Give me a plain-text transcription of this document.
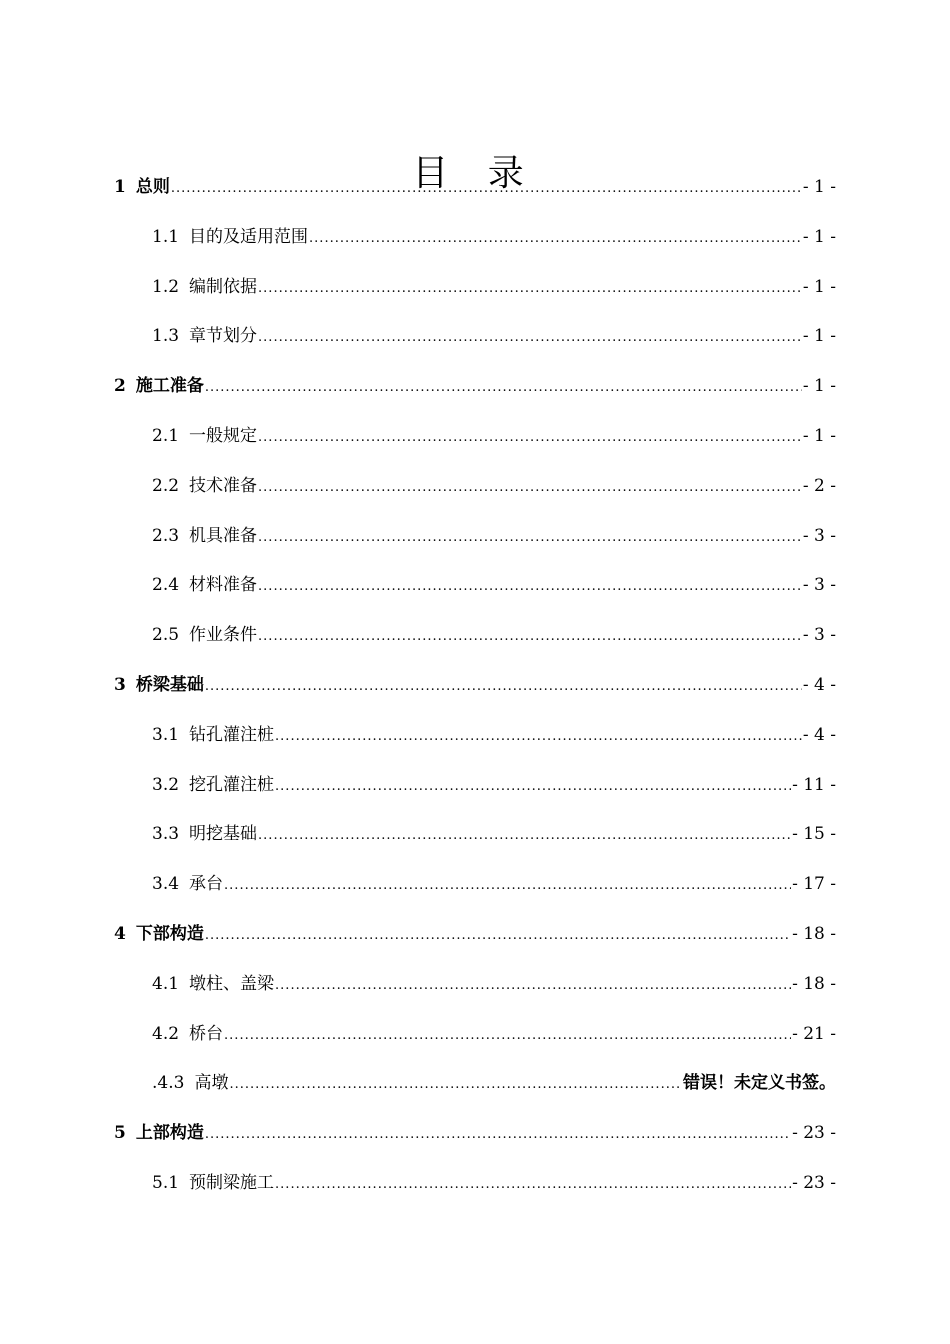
目 录
1 总则 .....	- 1 -
1.1 目的及适用范围 .....	- 1 -
1.2 编制依据 .....	- 1 -
1.3 章节划分 .....	- 1 -
2 施工准备 .....	- 1 -
2.1 一般规定 .....	- 1 -
2.2 技术准备 .....	- 2 -
2.3 机具准备 .....	- 3 -
2.4 材料准备 .....	- 3 -
2.5 作业条件 .....	- 3 -
3 桥梁基础 .....	- 4 -
3.1 钻孔灌注桩 .....	- 4 -
3.2 挖孔灌注桩 .....	- 11 -
3.3 明挖基础 .....	- 15 -
3.4 承台 .....	- 17 -
4 下部构造 .....	- 18 -
4.1 墩柱、盖梁 .....	- 18 -
4.2 桥台 .....	- 21 -
.4.3 高墩 .....	错误！未定义书签。
5 上部构造 .....	- 23 -
5.1 预制梁施工 .....	- 23 -
